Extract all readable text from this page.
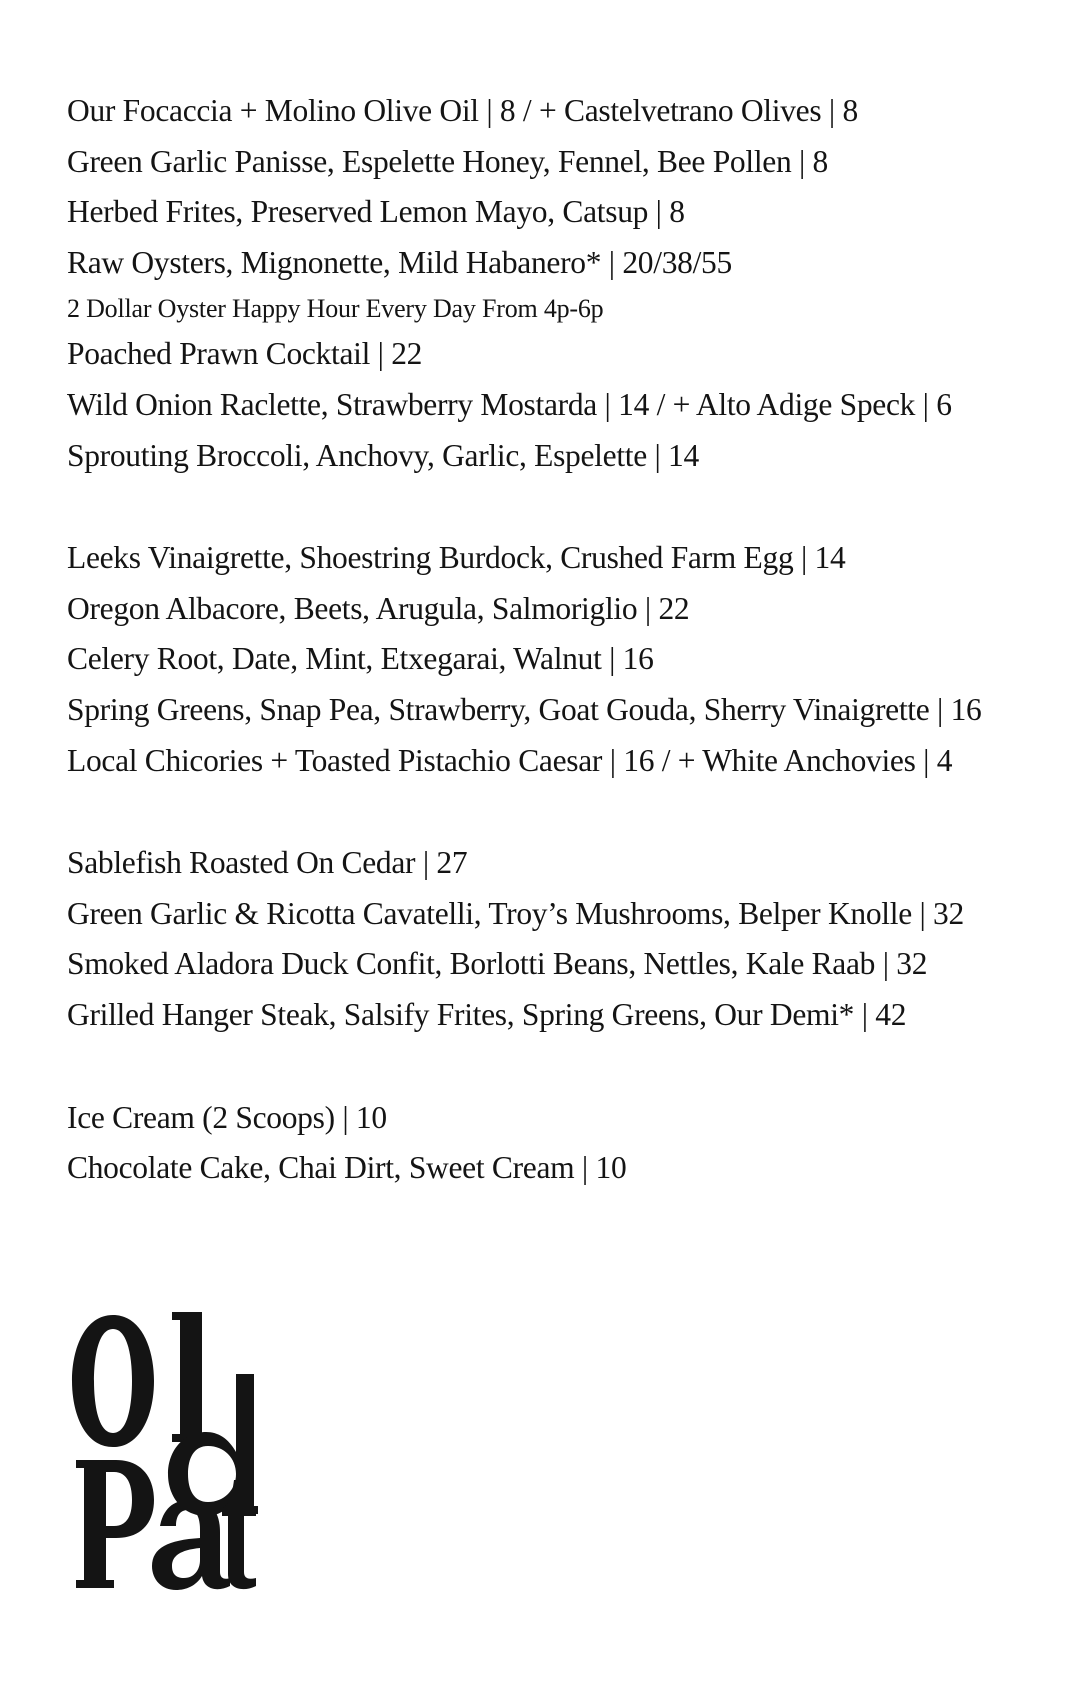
Our Focaccia + Molino Olive Oil | 8 / + Castelvetrano Olives | 8
Green Garlic Panisse, Espelette Honey, Fennel, Bee Pollen | 8
Herbed Frites, Preserved Lemon Mayo, Catsup | 8
Raw Oysters, Mignonette, Mild Habanero* | 20/38/55
2 Dollar Oyster Happy Hour Every Day From 4p-6p
Poached Prawn Cocktail | 22
Wild Onion Raclette, Strawberry Mostarda | 14 / + Alto Adige Speck | 6
Sprouting Broccoli, Anchovy, Garlic, Espelette | 14
Leeks Vinaigrette, Shoestring Burdock, Crushed Farm Egg | 14
Oregon Albacore, Beets, Arugula, Salmoriglio | 22
Celery Root, Date, Mint, Etxegarai, Walnut | 16
Spring Greens, Snap Pea, Strawberry, Goat Gouda, Sherry Vinaigrette | 16
Local Chicories + Toasted Pistachio Caesar | 16 / + White Anchovies | 4
Sablefish Roasted On Cedar | 27
Green Garlic & Ricotta Cavatelli, Troy’s Mushrooms, Belper Knolle | 32
Smoked Aladora Duck Confit, Borlotti Beans, Nettles, Kale Raab | 32
Grilled Hanger Steak, Salsify Frites, Spring Greens, Our Demi* | 42
Ice Cream (2 Scoops) | 10
Chocolate Cake, Chai Dirt, Sweet Cream | 10
